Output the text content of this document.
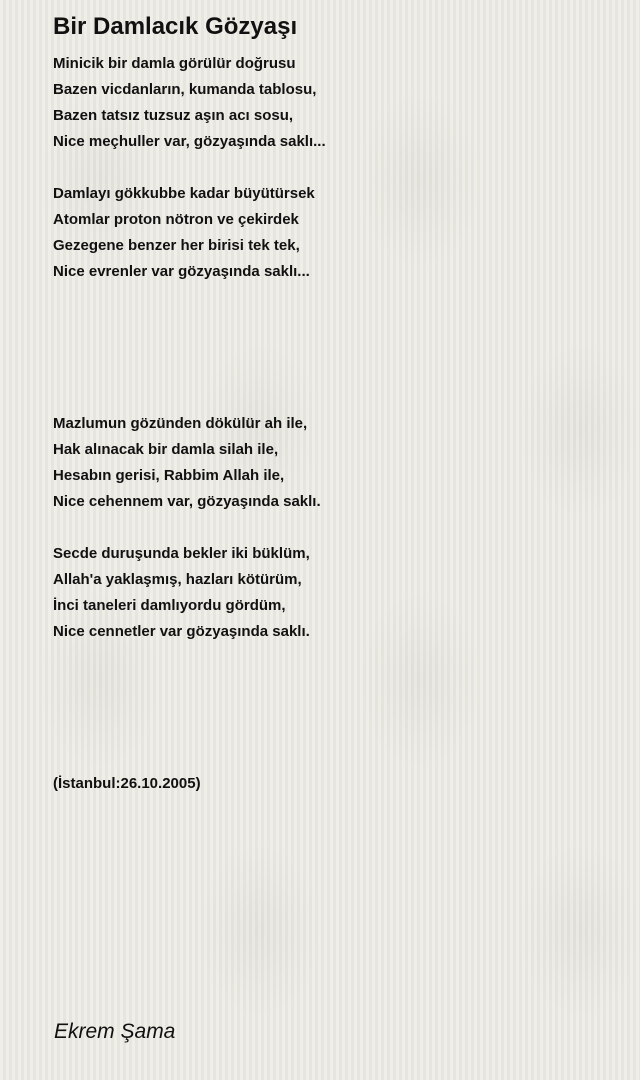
Bir Damlacık Gözyaşı
Minicik bir damla görülür doğrusu
Bazen vicdanların, kumanda tablosu,
Bazen tatsız tuzsuz aşın acı sosu,
Nice meçhuller var, gözyaşında saklı...
Damlayı gökkubbe kadar büyütürsek
Atomlar proton nötron ve çekirdek
Gezegene benzer her birisi tek tek,
Nice evrenler var gözyaşında saklı...
Mazlumun gözünden dökülür ah ile,
Hak alınacak bir damla silah ile,
Hesabın gerisi, Rabbim Allah ile,
Nice cehennem var, gözyaşında saklı.
Secde duruşunda bekler iki büklüm,
Allah'a yaklaşmış, hazları kötürüm,
İnci taneleri damlıyordu gördüm,
Nice cennetler var gözyaşında saklı.
(İstanbul:26.10.2005)
Ekrem Şama
